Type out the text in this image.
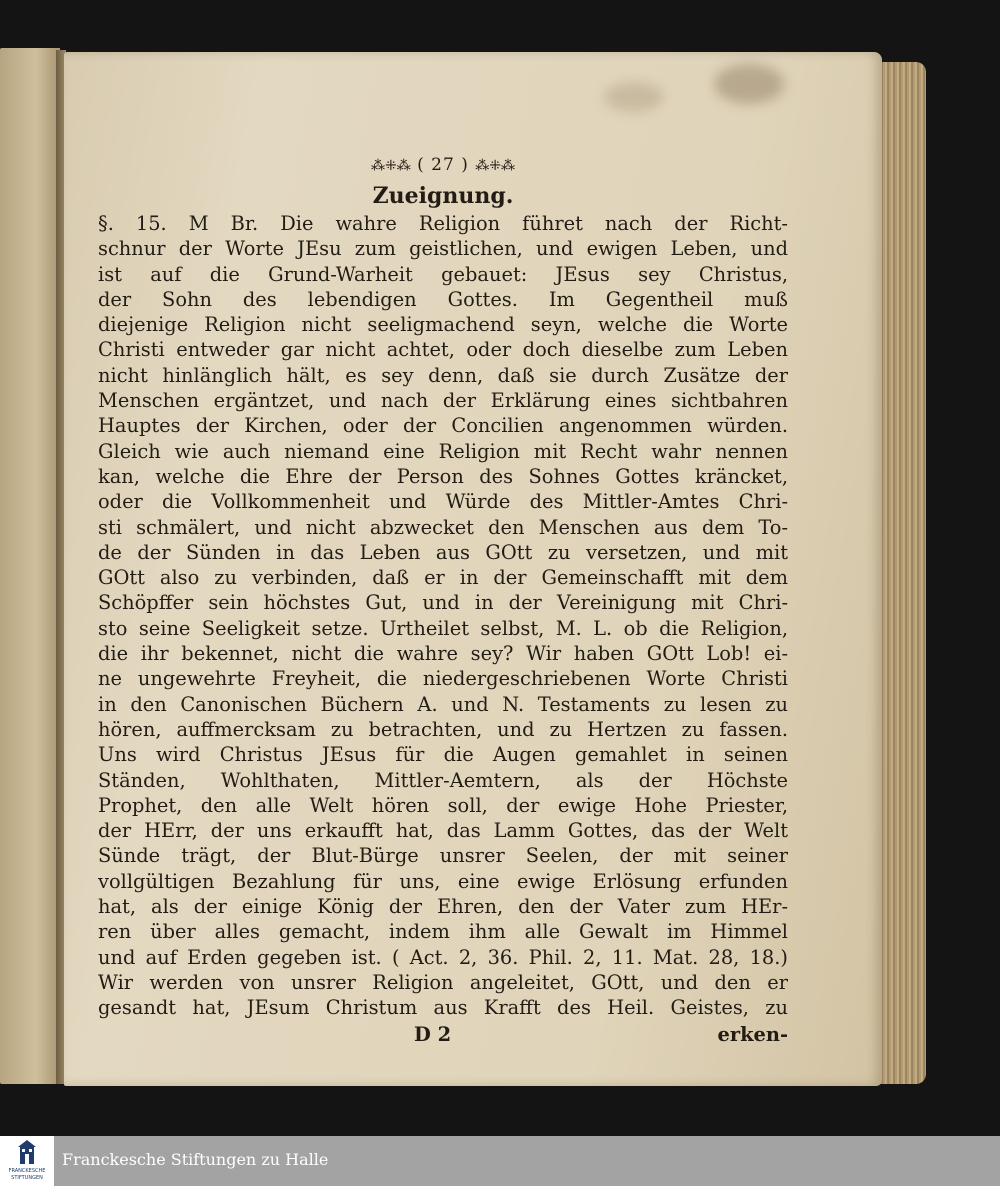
⁂⁜⁂ ( 27 ) ⁂⁜⁂
Zueignung.
§. 15. M Br. Die wahre Religion führet nach der Richt-
schnur der Worte JEsu zum geistlichen, und ewigen Leben, und
ist auf die Grund-Warheit gebauet: JEsus sey Christus,
der Sohn des lebendigen Gottes. Im Gegentheil muß
diejenige Religion nicht seeligmachend seyn, welche die Worte
Christi entweder gar nicht achtet, oder doch dieselbe zum Leben
nicht hinlänglich hält, es sey denn, daß sie durch Zusätze der
Menschen ergäntzet, und nach der Erklärung eines sichtbahren
Hauptes der Kirchen, oder der Concilien angenommen würden.
Gleich wie auch niemand eine Religion mit Recht wahr nennen
kan, welche die Ehre der Person des Sohnes Gottes kräncket,
oder die Vollkommenheit und Würde des Mittler-Amtes Chri-
sti schmälert, und nicht abzwecket den Menschen aus dem To-
de der Sünden in das Leben aus GOtt zu versetzen, und mit
GOtt also zu verbinden, daß er in der Gemeinschafft mit dem
Schöpffer sein höchstes Gut, und in der Vereinigung mit Chri-
sto seine Seeligkeit setze. Urtheilet selbst, M. L. ob die Religion,
die ihr bekennet, nicht die wahre sey? Wir haben GOtt Lob! ei-
ne ungewehrte Freyheit, die niedergeschriebenen Worte Christi
in den Canonischen Büchern A. und N. Testaments zu lesen zu
hören, auffmercksam zu betrachten, und zu Hertzen zu fassen.
Uns wird Christus JEsus für die Augen gemahlet in seinen
Ständen, Wohlthaten, Mittler-Aemtern, als der Höchste
Prophet, den alle Welt hören soll, der ewige Hohe Priester,
der HErr, der uns erkaufft hat, das Lamm Gottes, das der Welt
Sünde trägt, der Blut-Bürge unsrer Seelen, der mit seiner
vollgültigen Bezahlung für uns, eine ewige Erlösung erfunden
hat, als der einige König der Ehren, den der Vater zum HEr-
ren über alles gemacht, indem ihm alle Gewalt im Himmel
und auf Erden gegeben ist. ( Act. 2, 36. Phil. 2, 11. Mat. 28, 18.)
Wir werden von unsrer Religion angeleitet, GOtt, und den er
gesandt hat, JEsum Christum aus Krafft des Heil. Geistes, zu
D 2	erken-
FRANCKESCHE
STIFTUNGEN
Franckesche Stiftungen zu Halle
